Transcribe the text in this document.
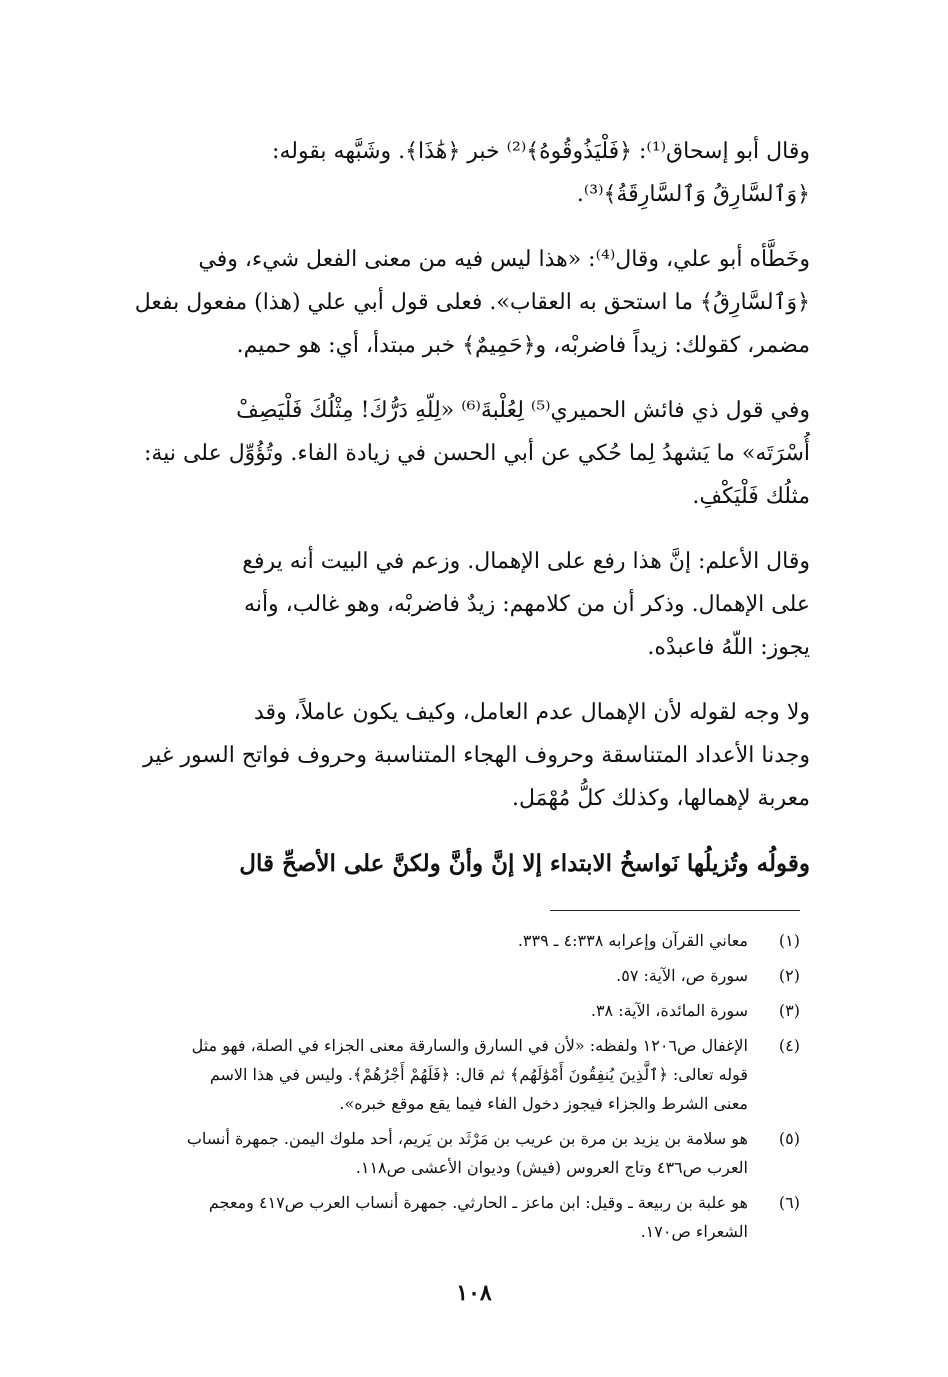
وقال أبو إسحاق⁽¹⁾: ﴿فَلْيَذُوقُوهُ﴾⁽²⁾ خبر ﴿هَٰذَا﴾. وشَبَّهه بقوله:
﴿وَٱلسَّارِقُ وَٱلسَّارِقَةُ﴾⁽³⁾.
وخَطَّأه أبو علي، وقال⁽⁴⁾: «هذا ليس فيه من معنى الفعل شيء، وفي
﴿وَٱلسَّارِقُ﴾ ما استحق به العقاب». فعلى قول أبي علي (هذا) مفعول بفعل
مضمر، كقولك: زيداً فاضربْه، و﴿حَمِيمٌ﴾ خبر مبتدأ، أي: هو حميم.
وفي قول ذي فائش الحميري⁽⁵⁾ لِعُلْبةَ⁽⁶⁾ «لِلّهِ دَرُّكَ! مِثْلُكَ فَلْيَصِفْ
أُسْرَتَه» ما يَشهدُ لِما حُكي عن أبي الحسن في زيادة الفاء. وتُؤُوِّل على نية:
مثلُك فَلْيَكْفِ.
وقال الأعلم: إنَّ هذا رفع على الإهمال. وزعم في البيت أنه يرفع
على الإهمال. وذكر أن من كلامهم: زيدٌ فاضربْه، وهو غالب، وأنه
يجوز: اللّهُ فاعبدْه.
ولا وجه لقوله لأن الإهمال عدم العامل، وكيف يكون عاملاً، وقد
وجدنا الأعداد المتناسقة وحروف الهجاء المتناسبة وحروف فواتح السور غير
معربة لإهمالها، وكذلك كلُّ مُهْمَل.
وقولُه وتُزيلُها نَواسخُ الابتداء إلا إنَّ وأنَّ ولكنَّ على الأصحِّ قال
(١)
معاني القرآن وإعرابه ٤:٣٣٨ ـ ٣٣٩.
(٢)
سورة ص، الآية: ٥٧.
(٣)
سورة المائدة، الآية: ٣٨.
(٤)
الإغفال ص١٢٠٦ ولفظه: «لأن في السارق والسارقة معنى الجزاء في الصلة، فهو مثل
قوله تعالى: ﴿ٱلَّذِينَ يُنفِقُونَ أَمْوَٰلَهُم﴾ ثم قال: ﴿فَلَهُمْ أَجْرُهُمْ﴾. وليس في هذا الاسم
معنى الشرط والجزاء فيجوز دخول الفاء فيما يقع موقع خبره».
(٥)
هو سلامة بن يزيد بن مرة بن عريب بن مَرْثَد بن يَريم، أحد ملوك اليمن. جمهرة أنساب
العرب ص٤٣٦ وتاج العروس (فيش) وديوان الأعشى ص١١٨.
(٦)
هو علبة بن ربيعة ـ وقيل: ابن ماعز ـ الحارثي. جمهرة أنساب العرب ص٤١٧ ومعجم
الشعراء ص١٧٠.
١٠٨
